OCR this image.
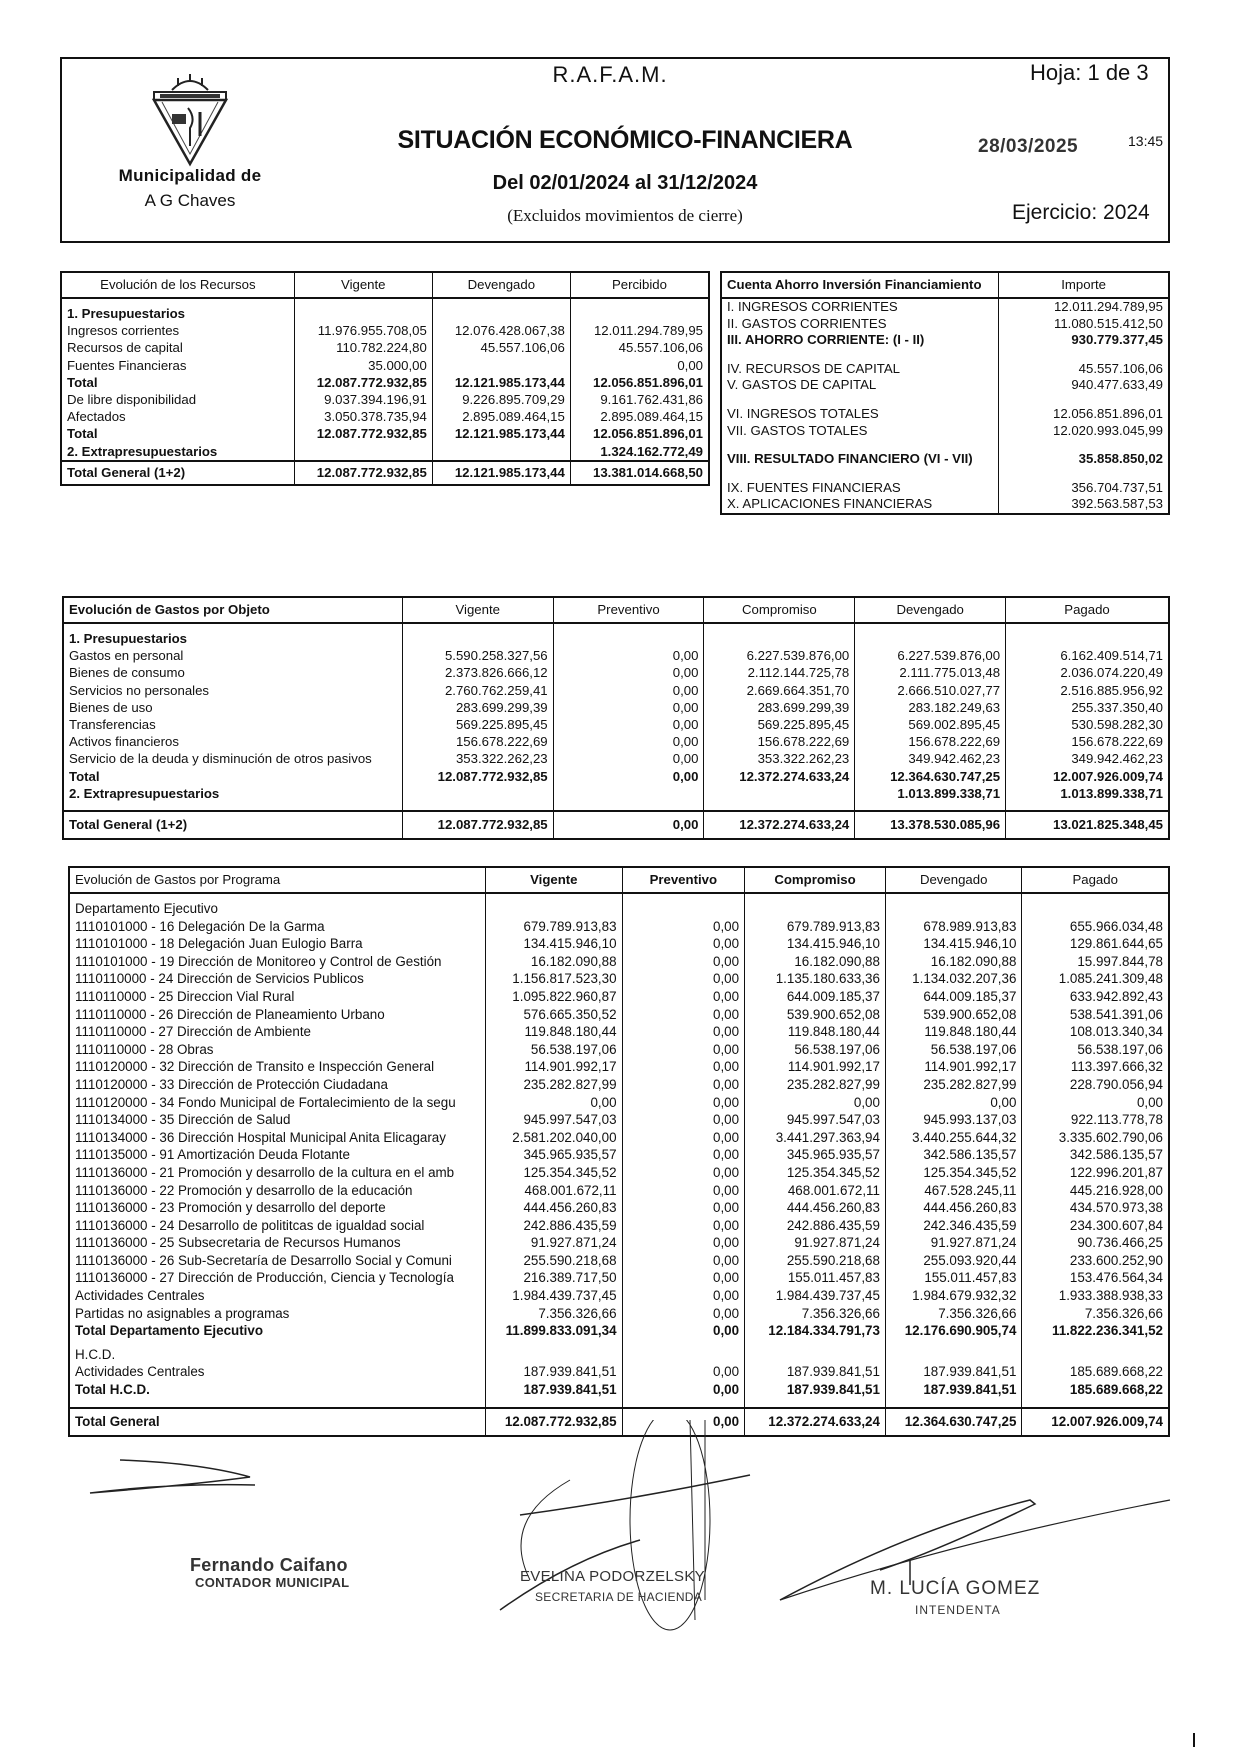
Municipalidad de
A G Chaves
R.A.F.A.M.	Hoja: 1 de 3
SITUACIÓN ECONÓMICO-FINANCIERA	28/03/2025	13:45
Del 02/01/2024 al 31/12/2024
(Excluidos movimientos de cierre)	Ejercicio: 2024
Evolución de los Recursos	Vigente	Devengado	Percibido

1. Presupuestarios			
Ingresos corrientes	11.976.955.708,05	12.076.428.067,38	12.011.294.789,95
Recursos de capital	110.782.224,80	45.557.106,06	45.557.106,06
Fuentes Financieras	35.000,00		0,00
Total	12.087.772.932,85	12.121.985.173,44	12.056.851.896,01
De libre disponibilidad	9.037.394.196,91	9.226.895.709,29	9.161.762.431,86
Afectados	3.050.378.735,94	2.895.089.464,15	2.895.089.464,15
Total	12.087.772.932,85	12.121.985.173,44	12.056.851.896,01
2. Extrapresupuestarios			1.324.162.772,49
Total General (1+2)	12.087.772.932,85	12.121.985.173,44	13.381.014.668,50
Cuenta Ahorro Inversión Financiamiento	Importe
I. INGRESOS CORRIENTES	12.011.294.789,95
II. GASTOS CORRIENTES	11.080.515.412,50
III. AHORRO CORRIENTE: (I - II)	930.779.377,45

IV. RECURSOS DE CAPITAL	45.557.106,06
V. GASTOS DE CAPITAL	940.477.633,49

VI. INGRESOS TOTALES	12.056.851.896,01
VII. GASTOS TOTALES	12.020.993.045,99

VIII. RESULTADO FINANCIERO (VI - VII)	35.858.850,02

IX. FUENTES FINANCIERAS	356.704.737,51
X. APLICACIONES FINANCIERAS	392.563.587,53
Evolución de Gastos por Objeto	Vigente	Preventivo	Compromiso	Devengado	Pagado

1. Presupuestarios					
Gastos en personal	5.590.258.327,56	0,00	6.227.539.876,00	6.227.539.876,00	6.162.409.514,71
Bienes de consumo	2.373.826.666,12	0,00	2.112.144.725,78	2.111.775.013,48	2.036.074.220,49
Servicios no personales	2.760.762.259,41	0,00	2.669.664.351,70	2.666.510.027,77	2.516.885.956,92
Bienes de uso	283.699.299,39	0,00	283.699.299,39	283.182.249,63	255.337.350,40
Transferencias	569.225.895,45	0,00	569.225.895,45	569.002.895,45	530.598.282,30
Activos financieros	156.678.222,69	0,00	156.678.222,69	156.678.222,69	156.678.222,69
Servicio de la deuda y disminución de otros pasivos	353.322.262,23	0,00	353.322.262,23	349.942.462,23	349.942.462,23
Total	12.087.772.932,85	0,00	12.372.274.633,24	12.364.630.747,25	12.007.926.009,74
2. Extrapresupuestarios				1.013.899.338,71	1.013.899.338,71

Total General (1+2)	12.087.772.932,85	0,00	12.372.274.633,24	13.378.530.085,96	13.021.825.348,45
Evolución de Gastos por Programa	Vigente	Preventivo	Compromiso	Devengado	Pagado

Departamento Ejecutivo					
1110101000 - 16 Delegación De la Garma	679.789.913,83	0,00	679.789.913,83	678.989.913,83	655.966.034,48
1110101000 - 18 Delegación Juan Eulogio Barra	134.415.946,10	0,00	134.415.946,10	134.415.946,10	129.861.644,65
1110101000 - 19 Dirección de Monitoreo y Control de Gestión	16.182.090,88	0,00	16.182.090,88	16.182.090,88	15.997.844,78
1110110000 - 24 Dirección de Servicios Publicos	1.156.817.523,30	0,00	1.135.180.633,36	1.134.032.207,36	1.085.241.309,48
1110110000 - 25 Direccion Vial Rural	1.095.822.960,87	0,00	644.009.185,37	644.009.185,37	633.942.892,43
1110110000 - 26 Dirección de Planeamiento Urbano	576.665.350,52	0,00	539.900.652,08	539.900.652,08	538.541.391,06
1110110000 - 27 Dirección de Ambiente	119.848.180,44	0,00	119.848.180,44	119.848.180,44	108.013.340,34
1110110000 - 28 Obras	56.538.197,06	0,00	56.538.197,06	56.538.197,06	56.538.197,06
1110120000 - 32 Dirección de Transito e Inspección General	114.901.992,17	0,00	114.901.992,17	114.901.992,17	113.397.666,32
1110120000 - 33 Dirección de Protección Ciudadana	235.282.827,99	0,00	235.282.827,99	235.282.827,99	228.790.056,94
1110120000 - 34 Fondo Municipal de Fortalecimiento de la segu	0,00	0,00	0,00	0,00	0,00
1110134000 - 35 Dirección de Salud	945.997.547,03	0,00	945.997.547,03	945.993.137,03	922.113.778,78
1110134000 - 36 Dirección Hospital Municipal Anita Elicagaray	2.581.202.040,00	0,00	3.441.297.363,94	3.440.255.644,32	3.335.602.790,06
1110135000 - 91 Amortización Deuda Flotante	345.965.935,57	0,00	345.965.935,57	342.586.135,57	342.586.135,57
1110136000 - 21 Promoción y desarrollo de la cultura en el amb	125.354.345,52	0,00	125.354.345,52	125.354.345,52	122.996.201,87
1110136000 - 22 Promoción y desarrollo de la educación	468.001.672,11	0,00	468.001.672,11	467.528.245,11	445.216.928,00
1110136000 - 23 Promoción y desarrollo del deporte	444.456.260,83	0,00	444.456.260,83	444.456.260,83	434.570.973,38
1110136000 - 24 Desarrollo de polititcas de igualdad social	242.886.435,59	0,00	242.886.435,59	242.346.435,59	234.300.607,84
1110136000 - 25 Subsecretaria de Recursos Humanos	91.927.871,24	0,00	91.927.871,24	91.927.871,24	90.736.466,25
1110136000 - 26 Sub-Secretaría de Desarrollo Social y Comuni	255.590.218,68	0,00	255.590.218,68	255.093.920,44	233.600.252,90
1110136000 - 27 Dirección de Producción, Ciencia y Tecnología	216.389.717,50	0,00	155.011.457,83	155.011.457,83	153.476.564,34
Actividades Centrales	1.984.439.737,45	0,00	1.984.439.737,45	1.984.679.932,32	1.933.388.938,33
Partidas no asignables a programas	7.356.326,66	0,00	7.356.326,66	7.356.326,66	7.356.326,66
Total Departamento Ejecutivo	11.899.833.091,34	0,00	12.184.334.791,73	12.176.690.905,74	11.822.236.341,52

H.C.D.					
Actividades Centrales	187.939.841,51	0,00	187.939.841,51	187.939.841,51	185.689.668,22
Total H.C.D.	187.939.841,51	0,00	187.939.841,51	187.939.841,51	185.689.668,22

Total General	12.087.772.932,85	0,00	12.372.274.633,24	12.364.630.747,25	12.007.926.009,74
Fernando Caifano
CONTADOR MUNICIPAL	EVELINA PODORZELSKY
SECRETARIA DE HACIENDA	M. LUCÍA GOMEZ
INTENDENTA
